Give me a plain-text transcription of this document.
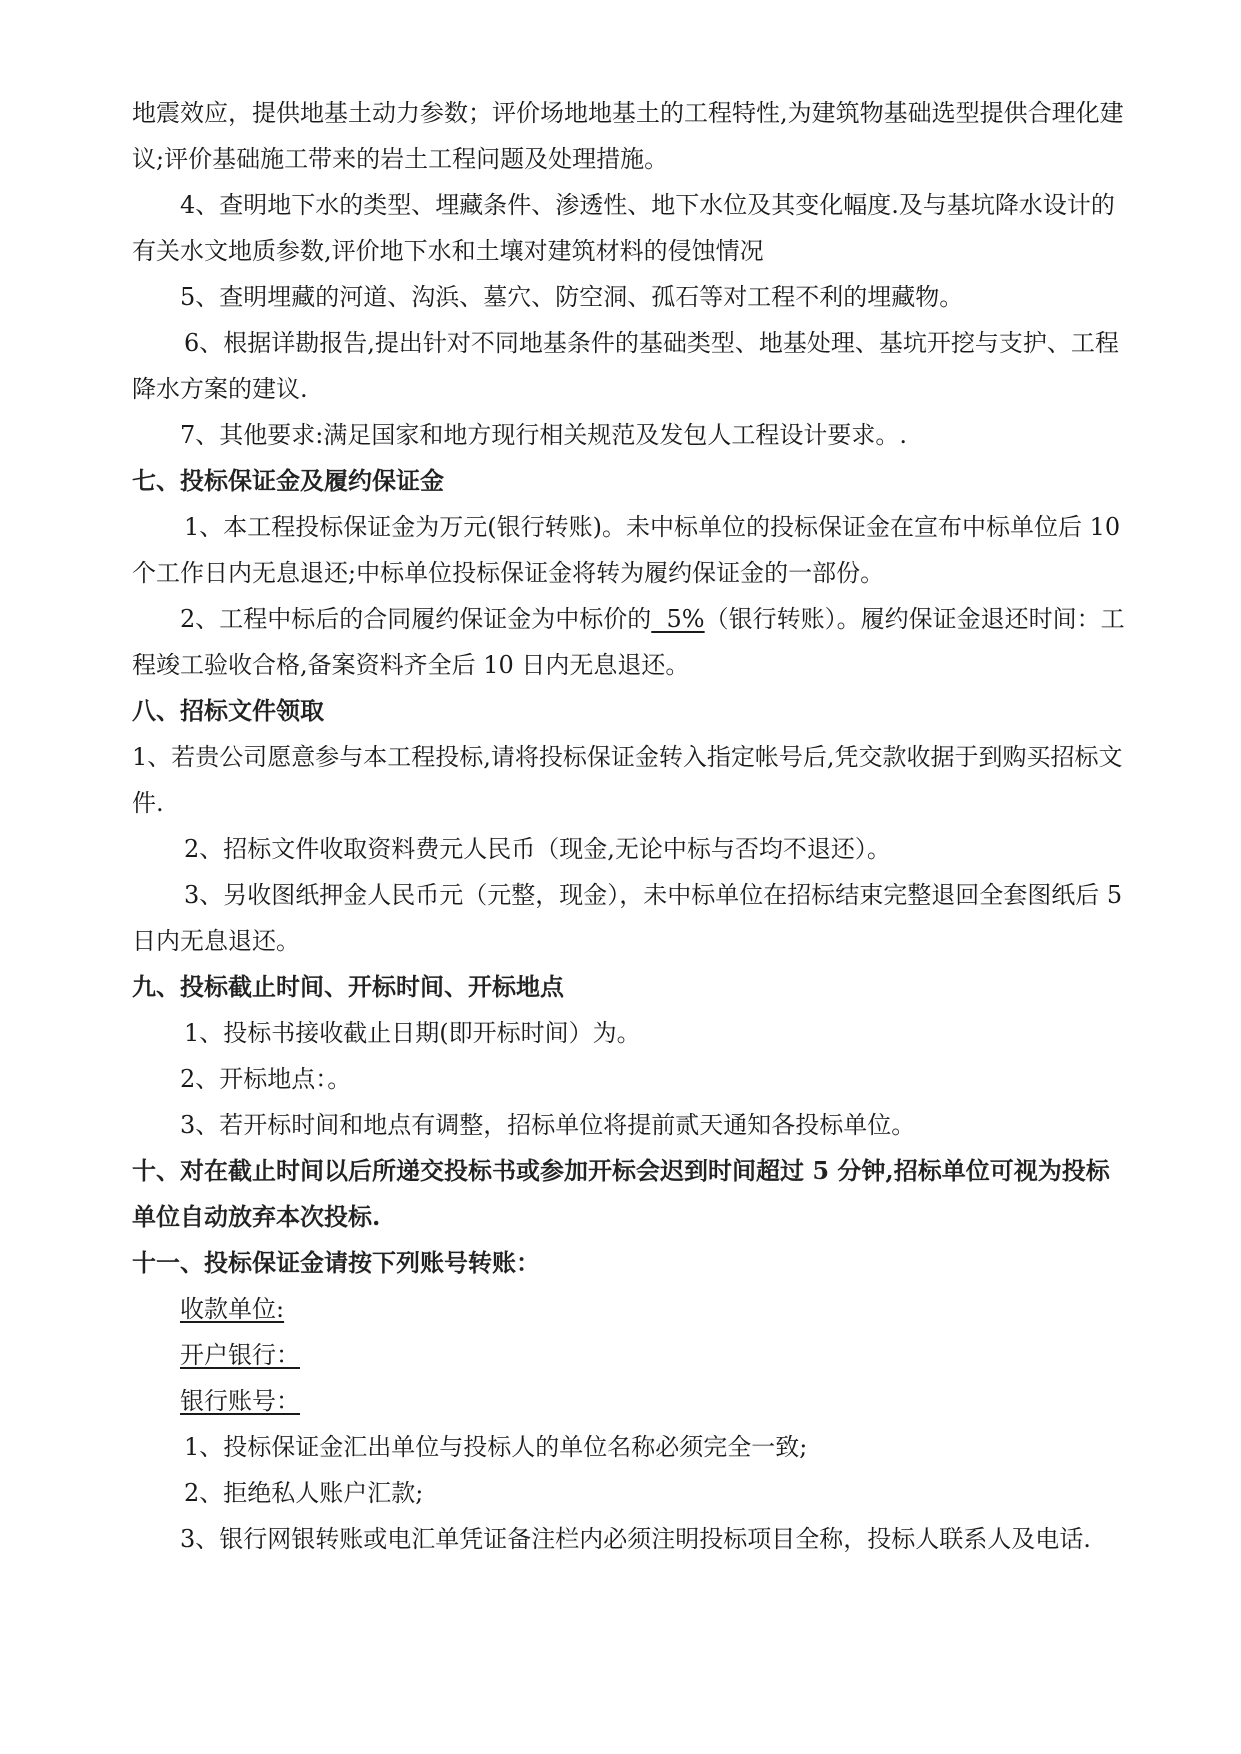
地震效应，提供地基土动力参数；评价场地地基土的工程特性,为建筑物基础选型提供合理化建议;评价基础施工带来的岩土工程问题及处理措施。
4、查明地下水的类型、埋藏条件、渗透性、地下水位及其变化幅度.及与基坑降水设计的有关水文地质参数,评价地下水和土壤对建筑材料的侵蚀情况
5、查明埋藏的河道、沟浜、墓穴、防空洞、孤石等对工程不利的埋藏物。
6、根据详勘报告,提出针对不同地基条件的基础类型、地基处理、基坑开挖与支护、工程降水方案的建议.
7、其他要求:满足国家和地方现行相关规范及发包人工程设计要求。.
七、投标保证金及履约保证金
1、本工程投标保证金为万元(银行转账)。未中标单位的投标保证金在宣布中标单位后 10个工作日内无息退还;中标单位投标保证金将转为履约保证金的一部份。
2、工程中标后的合同履约保证金为中标价的  5%（银行转账）。履约保证金退还时间：工程竣工验收合格,备案资料齐全后 10 日内无息退还。
八、招标文件领取
1、若贵公司愿意参与本工程投标,请将投标保证金转入指定帐号后,凭交款收据于到购买招标文件.
2、招标文件收取资料费元人民币（现金,无论中标与否均不退还）。
3、另收图纸押金人民币元（元整，现金），未中标单位在招标结束完整退回全套图纸后 5 日内无息退还。
九、投标截止时间、开标时间、开标地点
1、投标书接收截止日期(即开标时间）为。
2、开标地点：。
3、若开标时间和地点有调整，招标单位将提前贰天通知各投标单位。
十、对在截止时间以后所递交投标书或参加开标会迟到时间超过 5 分钟,招标单位可视为投标单位自动放弃本次投标.
十一、投标保证金请按下列账号转账：
收款单位:
开户银行：
银行账号：
1、投标保证金汇出单位与投标人的单位名称必须完全一致;
2、拒绝私人账户汇款;
3、银行网银转账或电汇单凭证备注栏内必须注明投标项目全称，投标人联系人及电话.
